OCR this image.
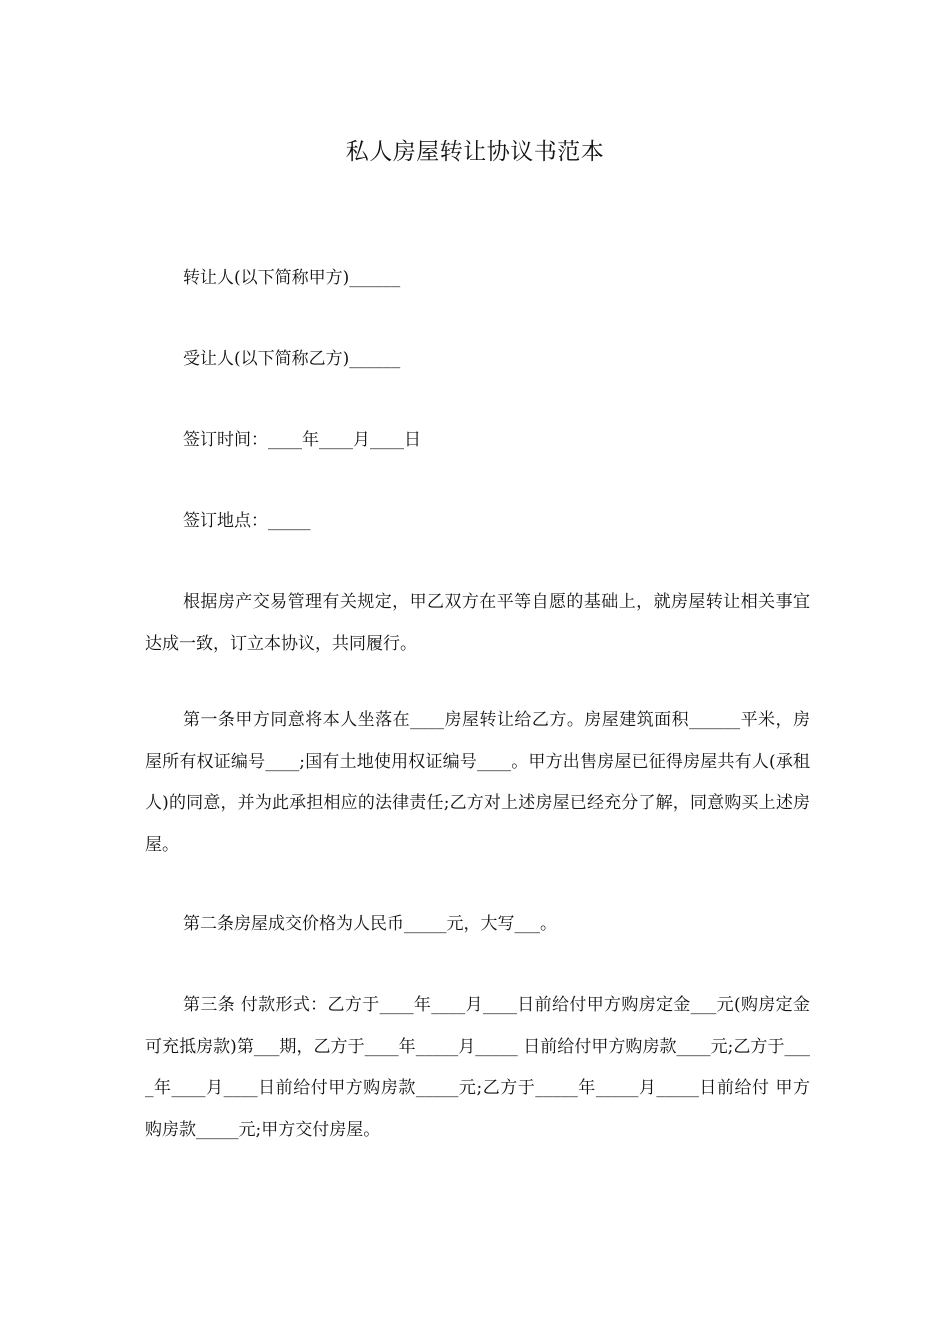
私人房屋转让协议书范本
转让人(以下简称甲方)______
受让人(以下简称乙方)______
签订时间：____年____月____日
签订地点：_____
根据房产交易管理有关规定，甲乙双方在平等自愿的基础上，就房屋转让相关事宜达成一致，订立本协议，共同履行。
第一条甲方同意将本人坐落在____房屋转让给乙方。房屋建筑面积______平米，房屋所有权证编号____;国有土地使用权证编号____。甲方出售房屋已征得房屋共有人(承租人)的同意，并为此承担相应的法律责任;乙方对上述房屋已经充分了解，同意购买上述房屋。
第二条房屋成交价格为人民币_____元，大写___。
第三条 付款形式：乙方于____年____月____日前给付甲方购房定金___元(购房定金可充抵房款)第___期，乙方于____年_____月_____ 日前给付甲方购房款____元;乙方于____年____月____日前给付甲方购房款_____元;乙方于_____年_____月_____日前给付 甲方购房款_____元;甲方交付房屋。
